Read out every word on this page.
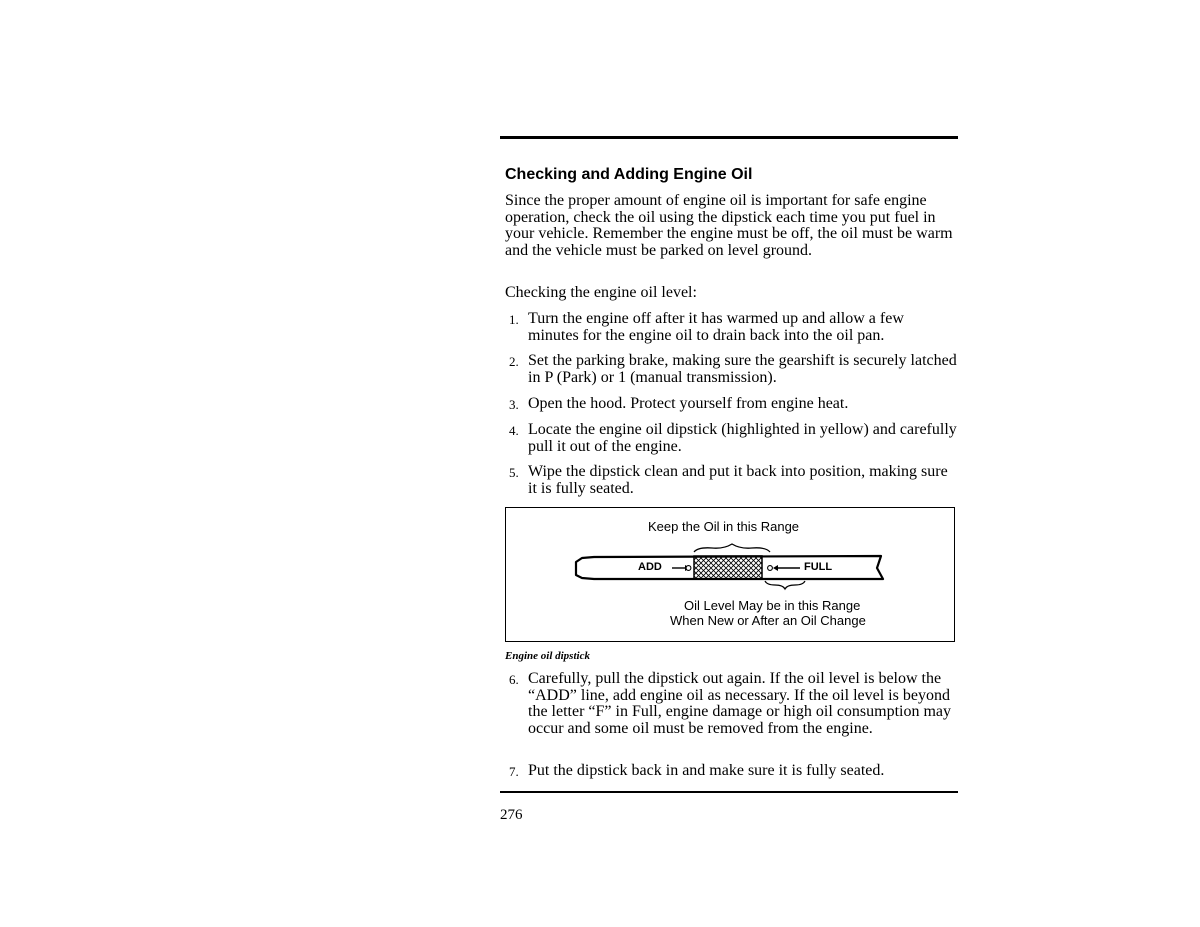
Checking and Adding Engine Oil

Since the proper amount of engine oil is important for safe engine operation, check the oil using the dipstick each time you put fuel in your vehicle. Remember the engine must be off, the oil must be warm and the vehicle must be parked on level ground.

Checking the engine oil level:

1. Turn the engine off after it has warmed up and allow a few minutes for the engine oil to drain back into the oil pan.
2. Set the parking brake, making sure the gearshift is securely latched in P (Park) or 1 (manual transmission).
3. Open the hood. Protect yourself from engine heat.
4. Locate the engine oil dipstick (highlighted in yellow) and carefully pull it out of the engine.
5. Wipe the dipstick clean and put it back into position, making sure it is fully seated.
Keep the Oil in this Range
ADD	FULL
Oil Level May be in this Range
When New or After an Oil Change
Engine oil dipstick
6. Carefully, pull the dipstick out again. If the oil level is below the “ADD” line, add engine oil as necessary. If the oil level is beyond the letter “F” in Full, engine damage or high oil consumption may occur and some oil must be removed from the engine.
7. Put the dipstick back in and make sure it is fully seated.
276
